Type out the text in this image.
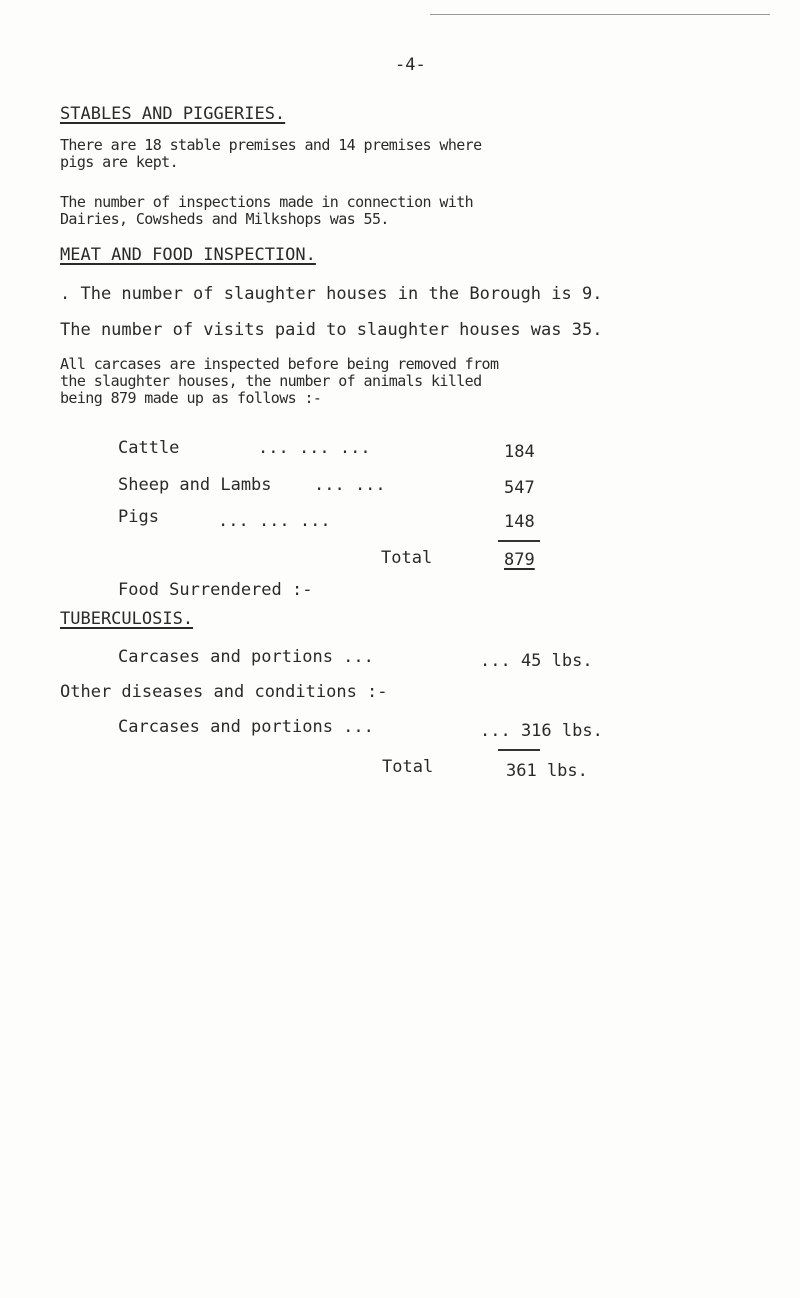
-4-
STABLES AND PIGGERIES.
There are 18 stable premises and 14 premises where
pigs are kept.
The number of inspections made in connection with
Dairies, Cowsheds and Milkshops was 55.
MEAT AND FOOD INSPECTION.
. The number of slaughter houses in the Borough is 9.
The number of visits paid to slaughter houses was 35.
All carcases are inspected before being removed from
the slaughter houses, the number of animals killed
being 879 made up as follows :-
Cattle	... ... ...	184
Sheep and Lambs ... ...	547
Pigs	... ... ...	148
Total	879
Food Surrendered :-
TUBERCULOSIS.
Carcases and portions ...	... 45 lbs.
Other diseases and conditions :-
Carcases and portions ...	... 316 lbs.
Total	361 lbs.
